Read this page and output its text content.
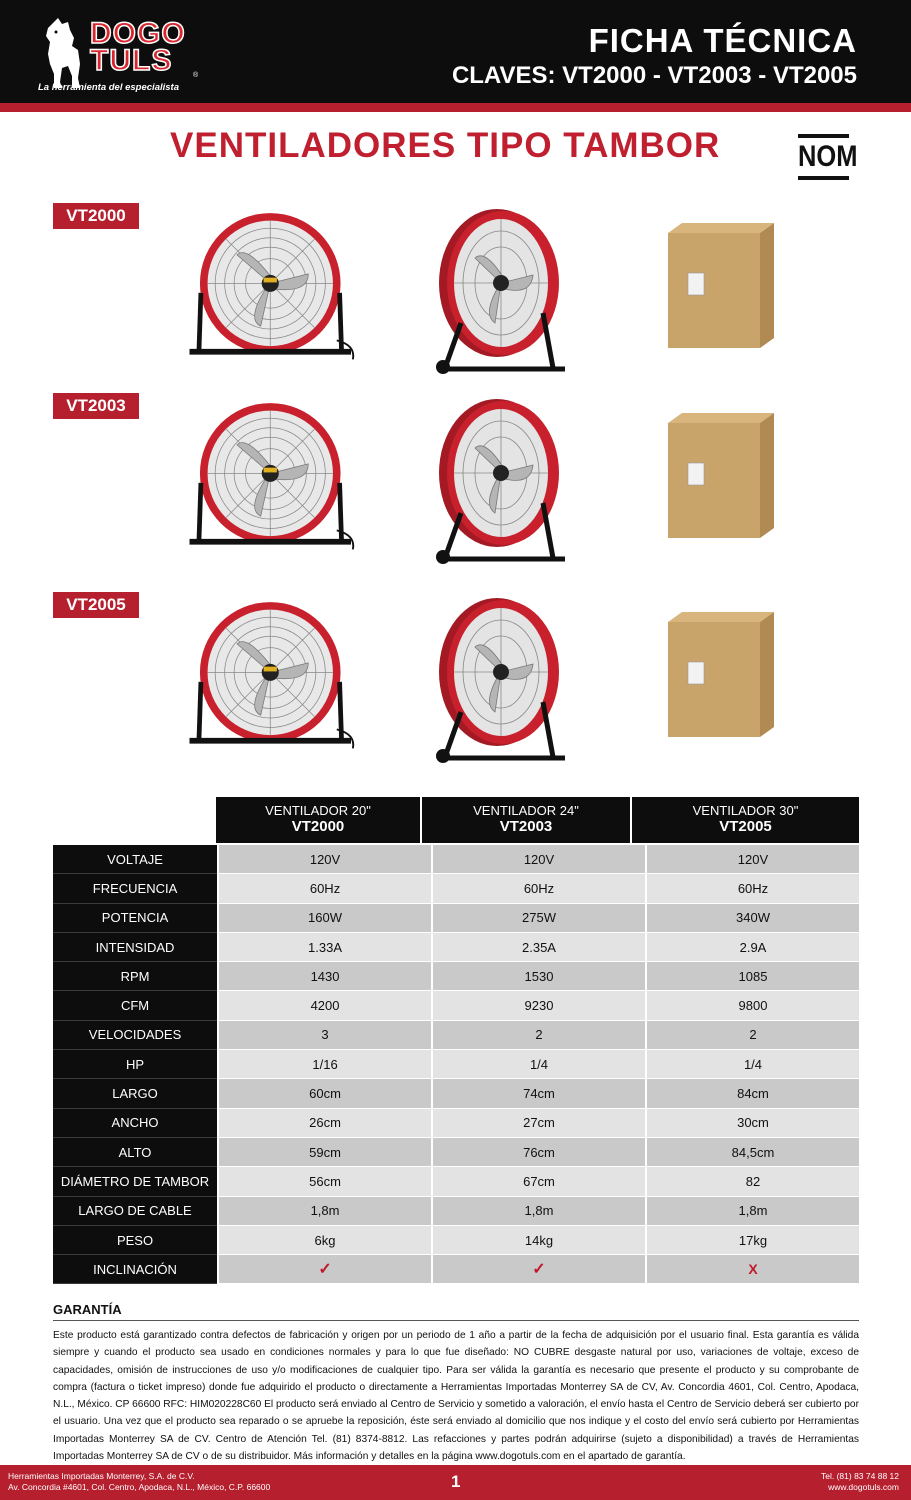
DOGO
TULS	®
La herramienta del especialista
FICHA TÉCNICA
CLAVES: VT2000 - VT2003 - VT2005
VENTILADORES TIPO TAMBOR	NOM
VT2000
VT2003
VT2005
VENTILADOR 20"
VT2000
VENTILADOR 24"
VT2003
VENTILADOR 30"
VT2005
VOLTAJE	120V	120V	120V
FRECUENCIA	60Hz	60Hz	60Hz
POTENCIA	160W	275W	340W
INTENSIDAD	1.33A	2.35A	2.9A
RPM	1430	1530	1085
CFM	4200	9230	9800
VELOCIDADES	3	2	2
HP	1/16	1/4	1/4
LARGO	60cm	74cm	84cm
ANCHO	26cm	27cm	30cm
ALTO	59cm	76cm	84,5cm
DIÁMETRO DE TAMBOR	56cm	67cm	82
LARGO DE CABLE	1,8m	1,8m	1,8m
PESO	6kg	14kg	17kg
INCLINACIÓN	✓	✓	X
GARANTÍA
Este producto está garantizado contra defectos de fabricación y origen por un periodo de 1 año a partir de la fecha de adquisición por el usuario final. Esta garantía es válida siempre y cuando el producto sea usado en condiciones normales y para lo que fue diseñado: NO CUBRE desgaste natural por uso, variaciones de voltaje, exceso de capacidades, omisión de instrucciones de uso y/o modificaciones de cualquier tipo. Para ser válida la garantía es necesario que presente el producto y su comprobante de compra (factura o ticket impreso) donde fue adquirido el producto o directamente a Herramientas Importadas Monterrey SA de CV, Av. Concordia 4601, Col. Centro, Apodaca, N.L., México. CP 66600 RFC: HIM020228C60 El producto será enviado al Centro de Servicio y sometido a valoración, el envío hasta el Centro de Servicio deberá ser cubierto por el usuario. Una vez que el producto sea reparado o se apruebe la reposición, éste será enviado al domicilio que nos indique y el costo del envío será cubierto por Herramientas Importadas Monterrey SA de CV. Centro de Atención Tel. (81) 8374-8812. Las refacciones y partes podrán adquirirse (sujeto a disponibilidad) a través de Herramientas Importadas Monterrey SA de CV o de su distribuidor. Más información y detalles en la página www.dogotuls.com en el apartado de garantía.
Herramientas Importadas Monterrey, S.A. de C.V.
Av. Concordia #4601, Col. Centro, Apodaca, N.L., México, C.P. 66600	1	Tel. (81) 83 74 88 12
www.dogotuls.com
